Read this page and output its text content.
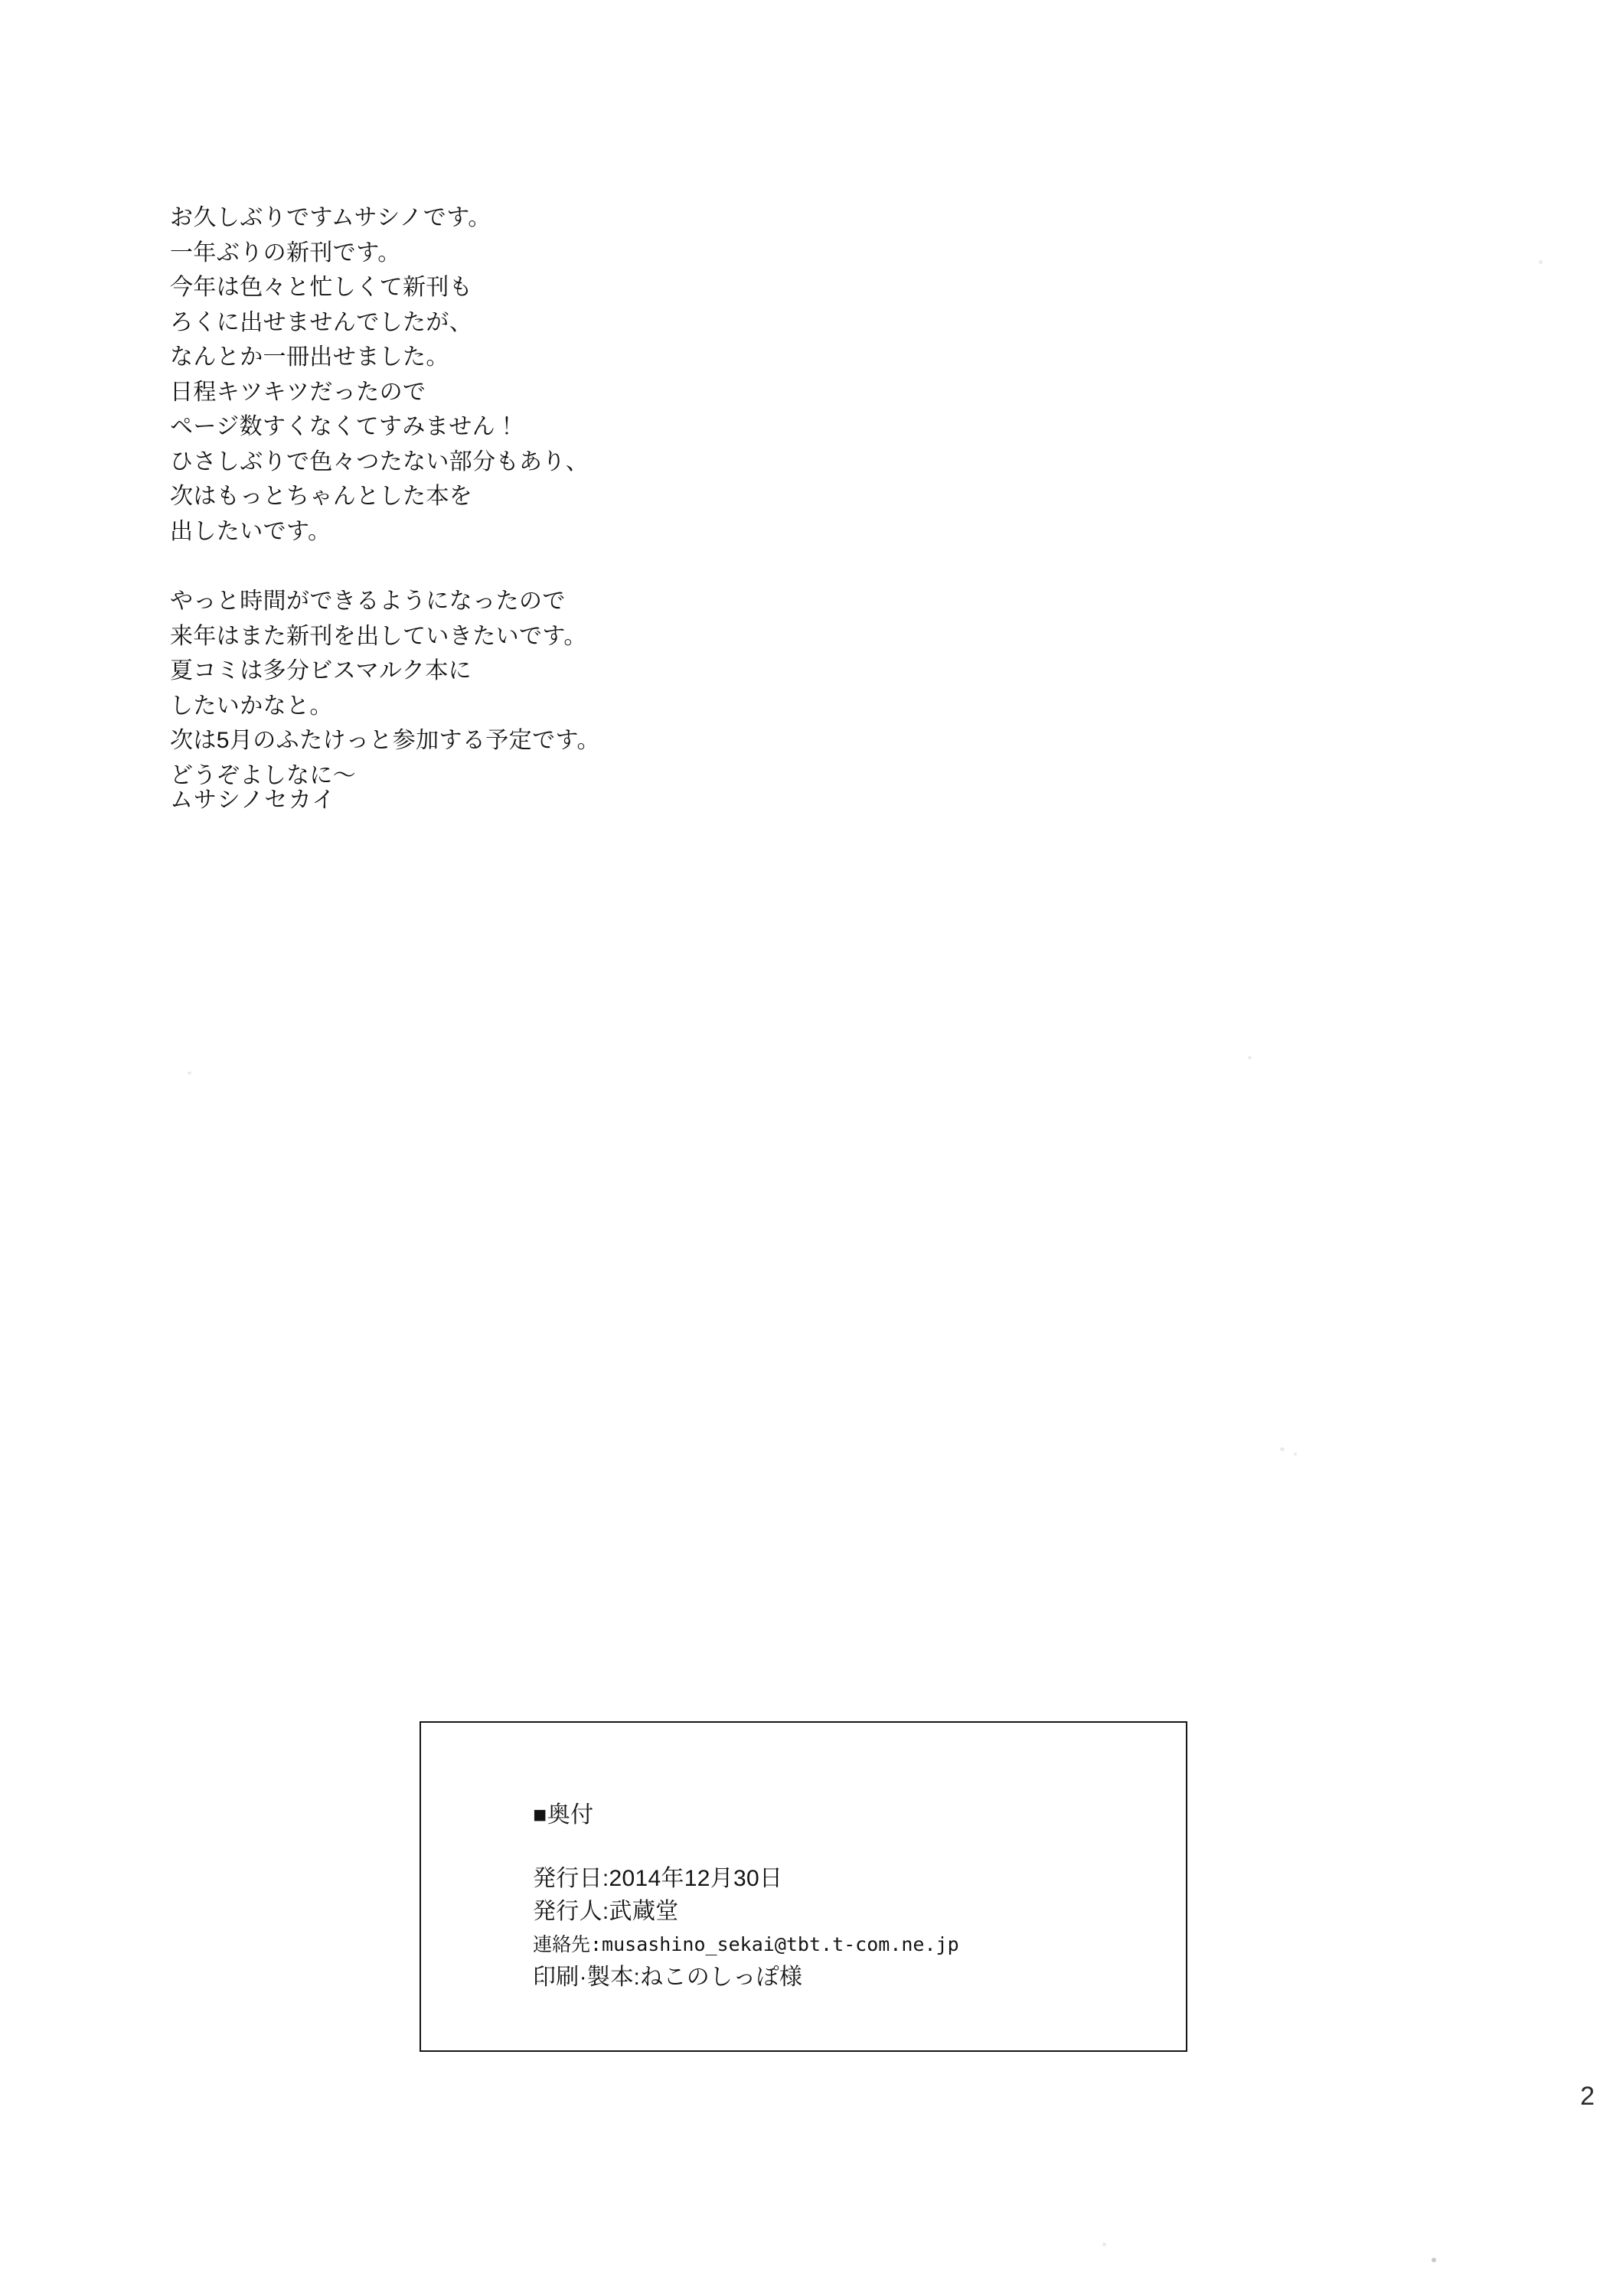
お久しぶりですムサシノです。
一年ぶりの新刊です。
今年は色々と忙しくて新刊も
ろくに出せませんでしたが、
なんとか一冊出せました。
日程キツキツだったので
ページ数すくなくてすみません！
ひさしぶりで色々つたない部分もあり、
次はもっとちゃんとした本を
出したいです。
やっと時間ができるようになったので
来年はまた新刊を出していきたいです。
夏コミは多分ビスマルク本に
したいかなと。
次は5月のふたけっと参加する予定です。
どうぞよしなに〜
ムサシノセカイ
■奥付
発行日:2014年12月30日
発行人:武蔵堂
連絡先:musashino_sekai@tbt.t-com.ne.jp
印刷·製本:ねこのしっぽ様
2
